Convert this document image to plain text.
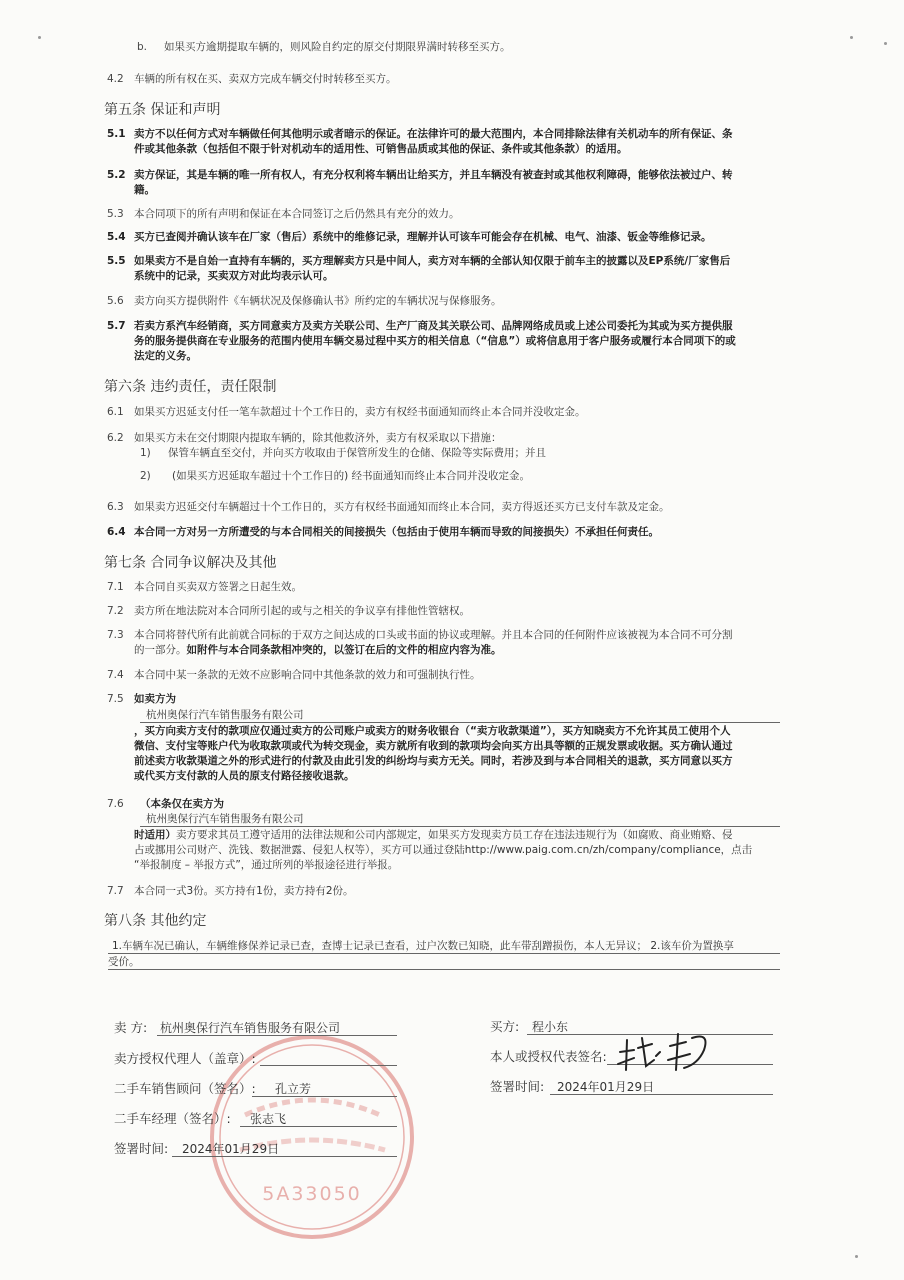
b. 如果买方逾期提取车辆的，则风险自约定的原交付期限界满时转移至买方。
4.2 车辆的所有权在买、卖双方完成车辆交付时转移至买方。
第五条 保证和声明
5.1 卖方不以任何方式对车辆做任何其他明示或者暗示的保证。在法律许可的最大范围内，本合同排除法律有关机动车的所有保证、条
件或其他条款（包括但不限于针对机动车的适用性、可销售品质或其他的保证、条件或其他条款）的适用。
5.2 卖方保证，其是车辆的唯一所有权人，有充分权利将车辆出让给买方，并且车辆没有被查封或其他权利障碍，能够依法被过户、转
籍。
5.3 本合同项下的所有声明和保证在本合同签订之后仍然具有充分的效力。
5.4 买方已查阅并确认该车在厂家（售后）系统中的维修记录，理解并认可该车可能会存在机械、电气、油漆、钣金等维修记录。
5.5 如果卖方不是自始一直持有车辆的，买方理解卖方只是中间人，卖方对车辆的全部认知仅限于前车主的披露以及EP系统/厂家售后
系统中的记录，买卖双方对此均表示认可。
5.6 卖方向买方提供附件《车辆状况及保修确认书》所约定的车辆状况与保修服务。
5.7 若卖方系汽车经销商，买方同意卖方及卖方关联公司、生产厂商及其关联公司、品牌网络成员或上述公司委托为其或为买方提供服
务的服务提供商在专业服务的范围内使用车辆交易过程中买方的相关信息（“信息”）或将信息用于客户服务或履行本合同项下的或
法定的义务。
第六条 违约责任，责任限制
6.1 如果买方迟延支付任一笔车款超过十个工作日的，卖方有权经书面通知而终止本合同并没收定金。
6.2 如果买方未在交付期限内提取车辆的，除其他救济外，卖方有权采取以下措施：
1) 保管车辆直至交付，并向买方收取由于保管所发生的仓储、保险等实际费用；并且
2) (如果买方迟延取车超过十个工作日的) 经书面通知而终止本合同并没收定金。
6.3 如果卖方迟延交付车辆超过十个工作日的，买方有权经书面通知而终止本合同，卖方得返还买方已支付车款及定金。
6.4 本合同一方对另一方所遭受的与本合同相关的间接损失（包括由于使用车辆而导致的间接损失）不承担任何责任。
第七条 合同争议解决及其他
7.1 本合同自买卖双方签署之日起生效。
7.2 卖方所在地法院对本合同所引起的或与之相关的争议享有排他性管辖权。
7.3 本合同将替代所有此前就合同标的于双方之间达成的口头或书面的协议或理解。并且本合同的任何附件应该被视为本合同不可分割
的一部分。如附件与本合同条款相冲突的，以签订在后的文件的相应内容为准。
7.4 本合同中某一条款的无效不应影响合同中其他条款的效力和可强制执行性。
7.5 如卖方为
杭州奥保行汽车销售服务有限公司
，买方向卖方支付的款项应仅通过卖方的公司账户或卖方的财务收银台（“卖方收款渠道”），买方知晓卖方不允许其员工使用个人
微信、支付宝等账户代为收取款项或代为转交现金，卖方就所有收到的款项均会向买方出具等额的正规发票或收据。买方确认通过
前述卖方收款渠道之外的形式进行的付款及由此引发的纠纷均与卖方无关。同时，若涉及到与本合同相关的退款，买方同意以买方
或代买方支付款的人员的原支付路径接收退款。
7.6 （本条仅在卖方为
杭州奥保行汽车销售服务有限公司
时适用）卖方要求其员工遵守适用的法律法规和公司内部规定，如果买方发现卖方员工存在违法违规行为（如腐败、商业贿赂、侵
占或挪用公司财产、洗钱、数据泄露、侵犯人权等），买方可以通过登陆http://www.paig.com.cn/zh/company/compliance，点击
“举报制度 – 举报方式”，通过所列的举报途径进行举报。
7.7 本合同一式3份。买方持有1份，卖方持有2份。
第八条 其他约定
1.车辆车况已确认，车辆维修保养记录已查，查博士记录已查看，过户次数已知晓，此车带刮蹭损伤，本人无异议； 2.该车价为置换享
受价。
5A33050
卖 方: 杭州奥保行汽车销售服务有限公司
卖方授权代理人（盖章）:
二手车销售顾问（签名）: 孔立芳
二手车经理（签名）: 张志飞
签署时间: 2024年01月29日
买方: 程小东
本人或授权代表签名:
签署时间: 2024年01月29日
